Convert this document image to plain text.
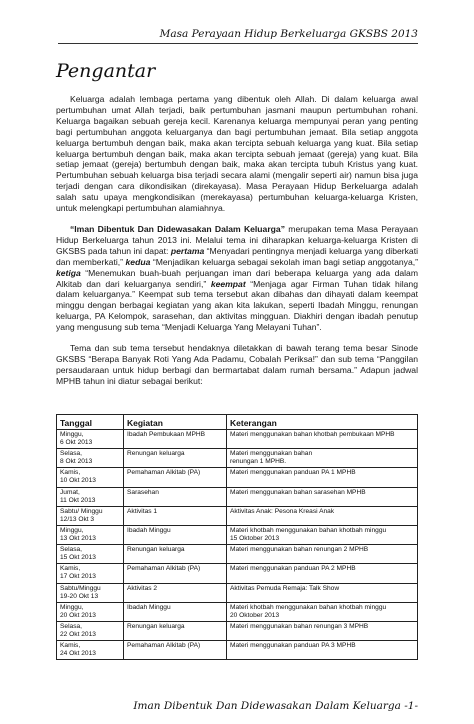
Masa Perayaan Hidup Berkeluarga GKSBS 2013
Pengantar

Keluarga adalah lembaga pertama yang dibentuk oleh Allah. Di dalam keluarga awal pertumbuhan umat Allah terjadi, baik pertumbuhan jasmani maupun pertumbuhan rohani. Keluarga bagaikan sebuah gereja kecil. Karenanya keluarga mempunyai peran yang penting bagi pertumbuhan anggota keluarganya dan bagi pertumbuhan jemaat. Bila setiap anggota keluarga bertumbuh dengan baik, maka akan tercipta sebuah keluarga yang kuat. Bila setiap keluarga bertumbuh dengan baik, maka akan tercipta sebuah jemaat (gereja) yang kuat. Bila setiap jemaat (gereja) bertumbuh dengan baik, maka akan tercipta tubuh Kristus yang kuat. Pertumbuhan sebuah keluarga bisa terjadi secara alami (mengalir seperti air) namun bisa juga terjadi dengan cara dikondisikan (direkayasa). Masa Perayaan Hidup Berkeluarga adalah salah satu upaya mengkondisikan (merekayasa) pertumbuhan keluarga-keluarga Kristen, untuk melengkapi pertumbuhan alamiahnya.

“Iman Dibentuk Dan Didewasakan Dalam Keluarga” merupakan tema Masa Perayaan Hidup Berkeluarga tahun 2013 ini. Melalui tema ini diharapkan keluarga-keluarga Kristen di GKSBS pada tahun ini dapat: pertama “Menyadari pentingnya menjadi keluarga yang diberkati dan memberkati,” kedua “Menjadikan keluarga sebagai sekolah iman bagi setiap anggotanya,” ketiga “Menemukan buah-buah perjuangan iman dari beberapa keluarga yang ada dalam Alkitab dan dari keluarganya sendiri,” keempat “Menjaga agar Firman Tuhan tidak hilang dalam keluarganya.” Keempat sub tema tersebut akan dibahas dan dihayati dalam keempat minggu dengan berbagai kegiatan yang akan kita lakukan, seperti Ibadah Minggu, renungan keluarga, PA Kelompok, sarasehan, dan aktivitas mingguan. Diakhiri dengan ibadah penutup yang mengusung sub tema “Menjadi Keluarga Yang Melayani Tuhan”.

Tema dan sub tema tersebut hendaknya diletakkan di bawah terang tema besar Sinode GKSBS “Berapa Banyak Roti Yang Ada Padamu, Cobalah Periksa!” dan sub tema “Panggilan persaudaraan untuk hidup berbagi dan bermartabat dalam rumah bersama.” Adapun jadwal MPHB tahun ini diatur sebagai berikut:

Tanggal	Kegiatan	Keterangan
Minggu,
6 Okt 2013	Ibadah Pembukaan MPHB	Materi menggunakan bahan khotbah pembukaan MPHB
Selasa,
8 Okt 2013	Renungan keluarga	Materi menggunakan bahan
renungan 1 MPHB.
Kamis,
10 Okt 2013	Pemahaman Alkitab (PA)	Materi menggunakan panduan PA 1 MPHB
Jumat,
11 Okt 2013	Sarasehan	Materi menggunakan bahan sarasehan MPHB
Sabtu/ Minggu
12/13 Okt 3	Aktivitas 1	Aktivitas Anak: Pesona Kreasi Anak
Minggu,
13 Okt 2013	Ibadah Minggu	Materi khotbah menggunakan bahan khotbah minggu
15 Oktober 2013
Selasa,
15 Okt 2013	Renungan keluarga	Materi menggunakan bahan renungan 2 MPHB
Kamis,
17 Okt 2013	Pemahaman Alkitab (PA)	Materi menggunakan panduan PA 2 MPHB
Sabtu/Minggu
19-20 Okt 13	Aktivitas 2	Aktivitas Pemuda Remaja: Talk Show
Minggu,
20 Okt 2013	Ibadah Minggu	Materi khotbah menggunakan bahan khotbah minggu
20 Oktober 2013
Selasa,
22 Okt 2013	Renungan keluarga	Materi menggunakan bahan renungan 3 MPHB
Kamis,
24 Okt 2013	Pemahaman Alkitab (PA)	Materi menggunakan panduan PA 3 MPHB
Iman Dibentuk Dan Didewasakan Dalam Keluarga -1-
